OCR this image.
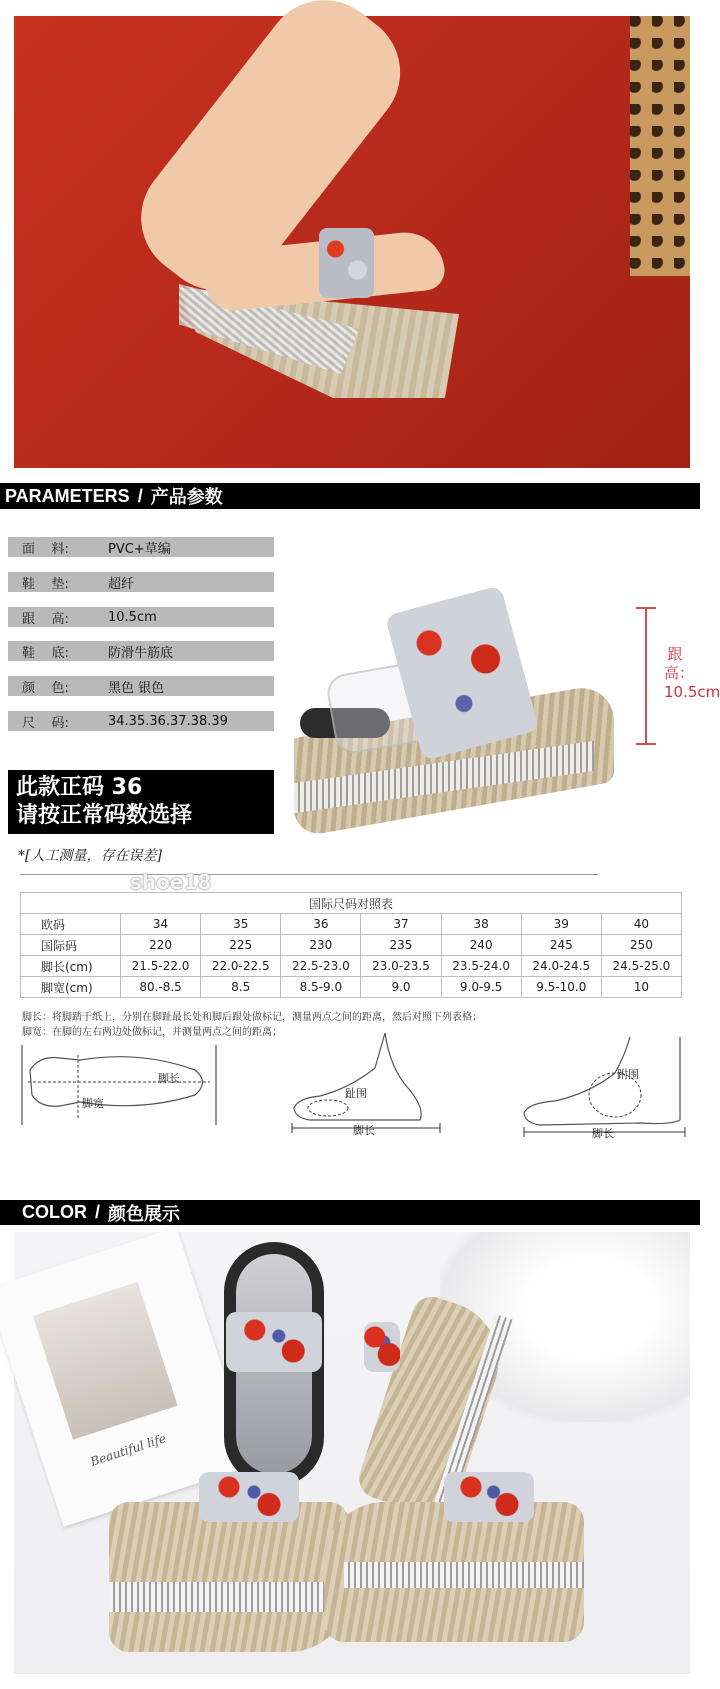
PARAMETERS / 产品参数
面    料:	PVC+草编
鞋    垫:	超纤
跟    高:	10.5cm
鞋    底:	防滑牛筋底
颜    色:	黑色 银色
尺    码:	34.35.36.37.38.39
跟高：10.5cm
此款正码 36
请按正常码数选择
*[人工测量，存在误差]
shoe18
国际尺码对照表							
欧码	34	35	36	37	38	39	40
国际码	220	225	230	235	240	245	250
脚长(cm)	21.5-22.0	22.0-22.5	22.5-23.0	23.0-23.5	23.5-24.0	24.0-24.5	24.5-25.0
脚宽(cm)	80.-8.5	8.5	8.5-9.0	9.0	9.0-9.5	9.5-10.0	10
脚长：将脚踏于纸上，分别在脚趾最长处和脚后跟处做标记，测量两点之间的距离，然后对照下列表格；
脚宽：在脚的左右两边处做标记，并测量两点之间的距离；
脚长
脚宽
趾围
脚长
跗围
脚长
COLOR / 颜色展示
Beautiful life
